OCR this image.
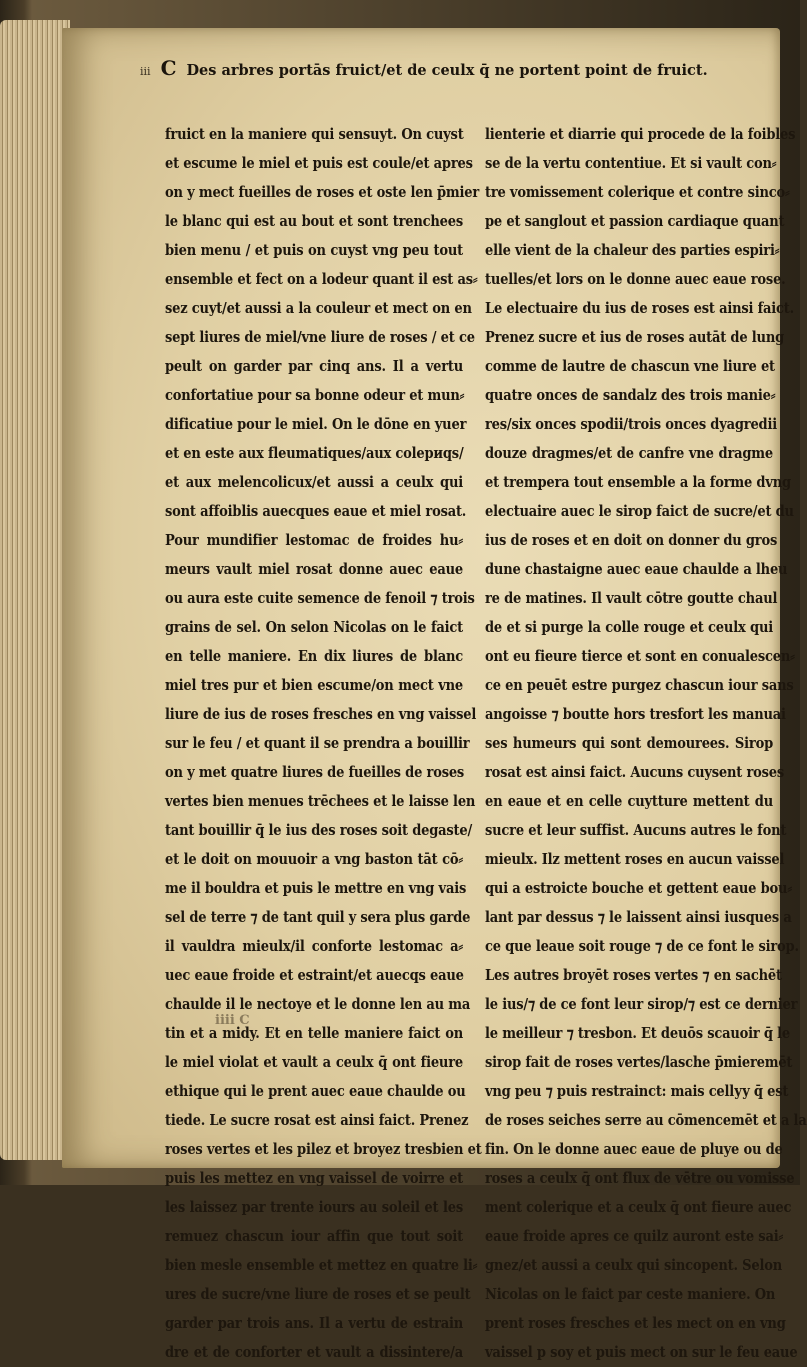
iii C Des arbres portās fruict/et de ceulx q̄ ne portent point de fruict.
fruict en la maniere qui sensuyt. On cuyst
et escume le miel et puis est coule/et apres
on y mect fueilles de roses et oste len p̄mier
le blanc qui est au bout et sont trenchees
bien menu / et puis on cuyst vng peu tout
ensemble et fect on a lodeur quant il est as⸗
sez cuyt/et aussi a la couleur et mect on en
sept liures de miel/vne liure de roses / et ce
peult on garder par cinq ans. Il a vertu
confortatiue pour sa bonne odeur et mun⸗
dificatiue pour le miel. On le dōne en yuer
et en este aux fleumatiques/aux colериqs/
et aux melencolicux/et aussi a ceulx qui
sont affoiblis auecques eaue et miel rosat.
Pour mundifier lestomac de froides hu⸗
meurs vault miel rosat donne auec eaue
ou aura este cuite semence de fenoil ⁊ trois
grains de sel. On selon Nicolas on le faict
en telle maniere. En dix liures de blanc
miel tres pur et bien escume/on mect vne
liure de ius de roses fresches en vng vaissel
sur le feu / et quant il se prendra a bouillir
on y met quatre liures de fueilles de roses
vertes bien menues trēchees et le laisse len
tant bouillir q̄ le ius des roses soit degaste/
et le doit on mouuoir a vng baston tāt cō⸗
me il bouldra et puis le mettre en vng vais
sel de terre ⁊ de tant quil y sera plus garde
il vauldra mieulx/il conforte lestomac a⸗
uec eaue froide et estraint/et auecqs eaue
chaulde il le nectoye et le donne len au ma
tin et a midy. Et en telle maniere faict on
le miel violat et vault a ceulx q̄ ont fieure
ethique qui le prent auec eaue chaulde ou
tiede. Le sucre rosat est ainsi faict. Prenez
roses vertes et les pilez et broyez tresbien et
puis les mettez en vng vaissel de voirre et
les laissez par trente iours au soleil et les
remuez chascun iour affin que tout soit
bien mesle ensemble et mettez en quatre li⸗
ures de sucre/vne liure de roses et se peult
garder par trois ans. Il a vertu de estrain
dre et de conforter et vault a dissintere/a
lienterie et diarrie qui procede de la foibles
se de la vertu contentiue. Et si vault con⸗
tre vomissement colerique et contre sinco⸗
pe et sanglout et passion cardiaque quant
elle vient de la chaleur des parties espiri⸗
tuelles/et lors on le donne auec eaue rose.
Le electuaire du ius de roses est ainsi faict.
Prenez sucre et ius de roses autāt de lung
comme de lautre de chascun vne liure et
quatre onces de sandalz des trois manie⸗
res/six onces spodii/trois onces dyagredii
douze dragmes/et de canfre vne dragme
et trempera tout ensemble a la forme dvng
electuaire auec le sirop faict de sucre/et du
ius de roses et en doit on donner du gros
dune chastaigne auec eaue chaulde a lheu
re de matines. Il vault cōtre goutte chaul
de et si purge la colle rouge et ceulx qui
ont eu fieure tierce et sont en conualescen⸗
ce en peuēt estre purgez chascun iour sans
angoisse ⁊ boutte hors tresfort les manuai
ses humeurs qui sont demourees. Sirop
rosat est ainsi faict. Aucuns cuysent roses
en eaue et en celle cuytture mettent du
sucre et leur suffist. Aucuns autres le font
mieulx. Ilz mettent roses en aucun vaissel
qui a estroicte bouche et gettent eaue bou⸗
lant par dessus ⁊ le laissent ainsi iusques a
ce que leaue soit rouge ⁊ de ce font le sirop.
Les autres broyēt roses vertes ⁊ en sachēt
le ius/⁊ de ce font leur sirop/⁊ est ce dernier
le meilleur ⁊ tresbon. Et deuōs scauoir q̄ le
sirop fait de roses vertes/lasche p̄mieremēt
vng peu ⁊ puis restrainct: mais cellуy q̄ est
de roses seiches serre au cōmencemēt et a la
fin. On le donne auec eaue de pluye ou de
roses a ceulx q̄ ont flux de vētre ou vomisse
ment colerique et a ceulx q̄ ont fieure auec
eaue froide apres ce quilz auront este sai⸗
gnez/et aussi a ceulx qui sincopent. Selon
Nicolas on le faict par ceste maniere. On
prent roses fresches et les mect on en vng
vaissel p soy et puis mect on sur le feu eaue
iiii C
